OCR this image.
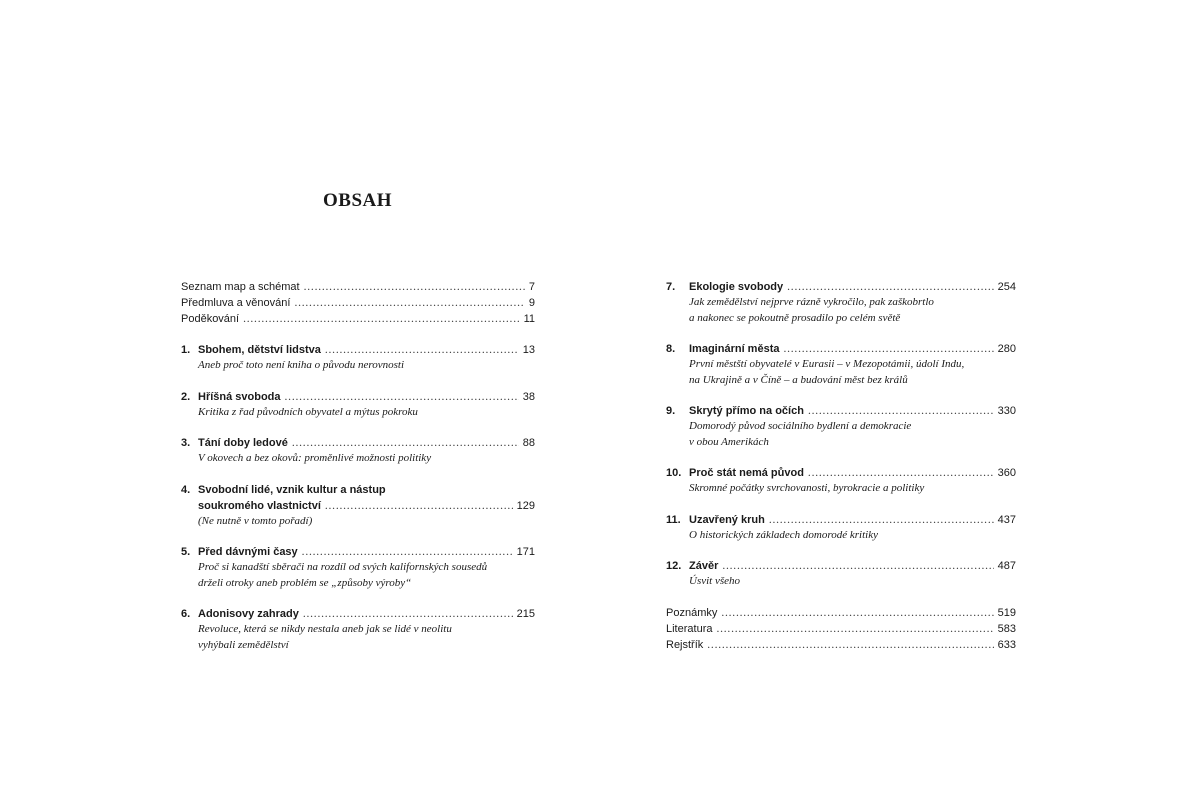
OBSAH
Seznam map a schémat . . .	7
Předmluva a věnování . . .	9
Poděkování . . .	11
1. Sbohem, dětství lidstva . . .	13
Aneb proč toto není kniha o původu nerovnosti
2. Hříšná svoboda . . .	38
Kritika z řad původních obyvatel a mýtus pokroku
3. Tání doby ledové . . .	88
V okovech a bez okovů: proměnlivé možnosti politiky
4. Svobodní lidé, vznik kultur a nástup
soukromého vlastnictví . . .	129
(Ne nutně v tomto pořadí)
5. Před dávnými časy . . .	171
Proč si kanadští sběrači na rozdíl od svých kalifornských sousedů
drželi otroky aneb problém se „způsoby výroby“
6. Adonisovy zahrady . . .	215
Revoluce, která se nikdy nestala aneb jak se lidé v neolitu
vyhýbali zemědělství
7. Ekologie svobody . . .	254
Jak zemědělství nejprve rázně vykročilo, pak zaškobrtlo
a nakonec se pokoutně prosadilo po celém světě
8. Imaginární města . . .	280
První městští obyvatelé v Eurasii – v Mezopotámii, údolí Indu,
na Ukrajině a v Číně – a budování měst bez králů
9. Skrytý přímo na očích . . .	330
Domorodý původ sociálního bydlení a demokracie
v obou Amerikách
10. Proč stát nemá původ . . .	360
Skromné počátky svrchovanosti, byrokracie a politiky
11. Uzavřený kruh . . .	437
O historických základech domorodé kritiky
12. Závěr . . .	487
Úsvit všeho
Poznámky . . .	519
Literatura . . .	583
Rejstřík . . .	633
